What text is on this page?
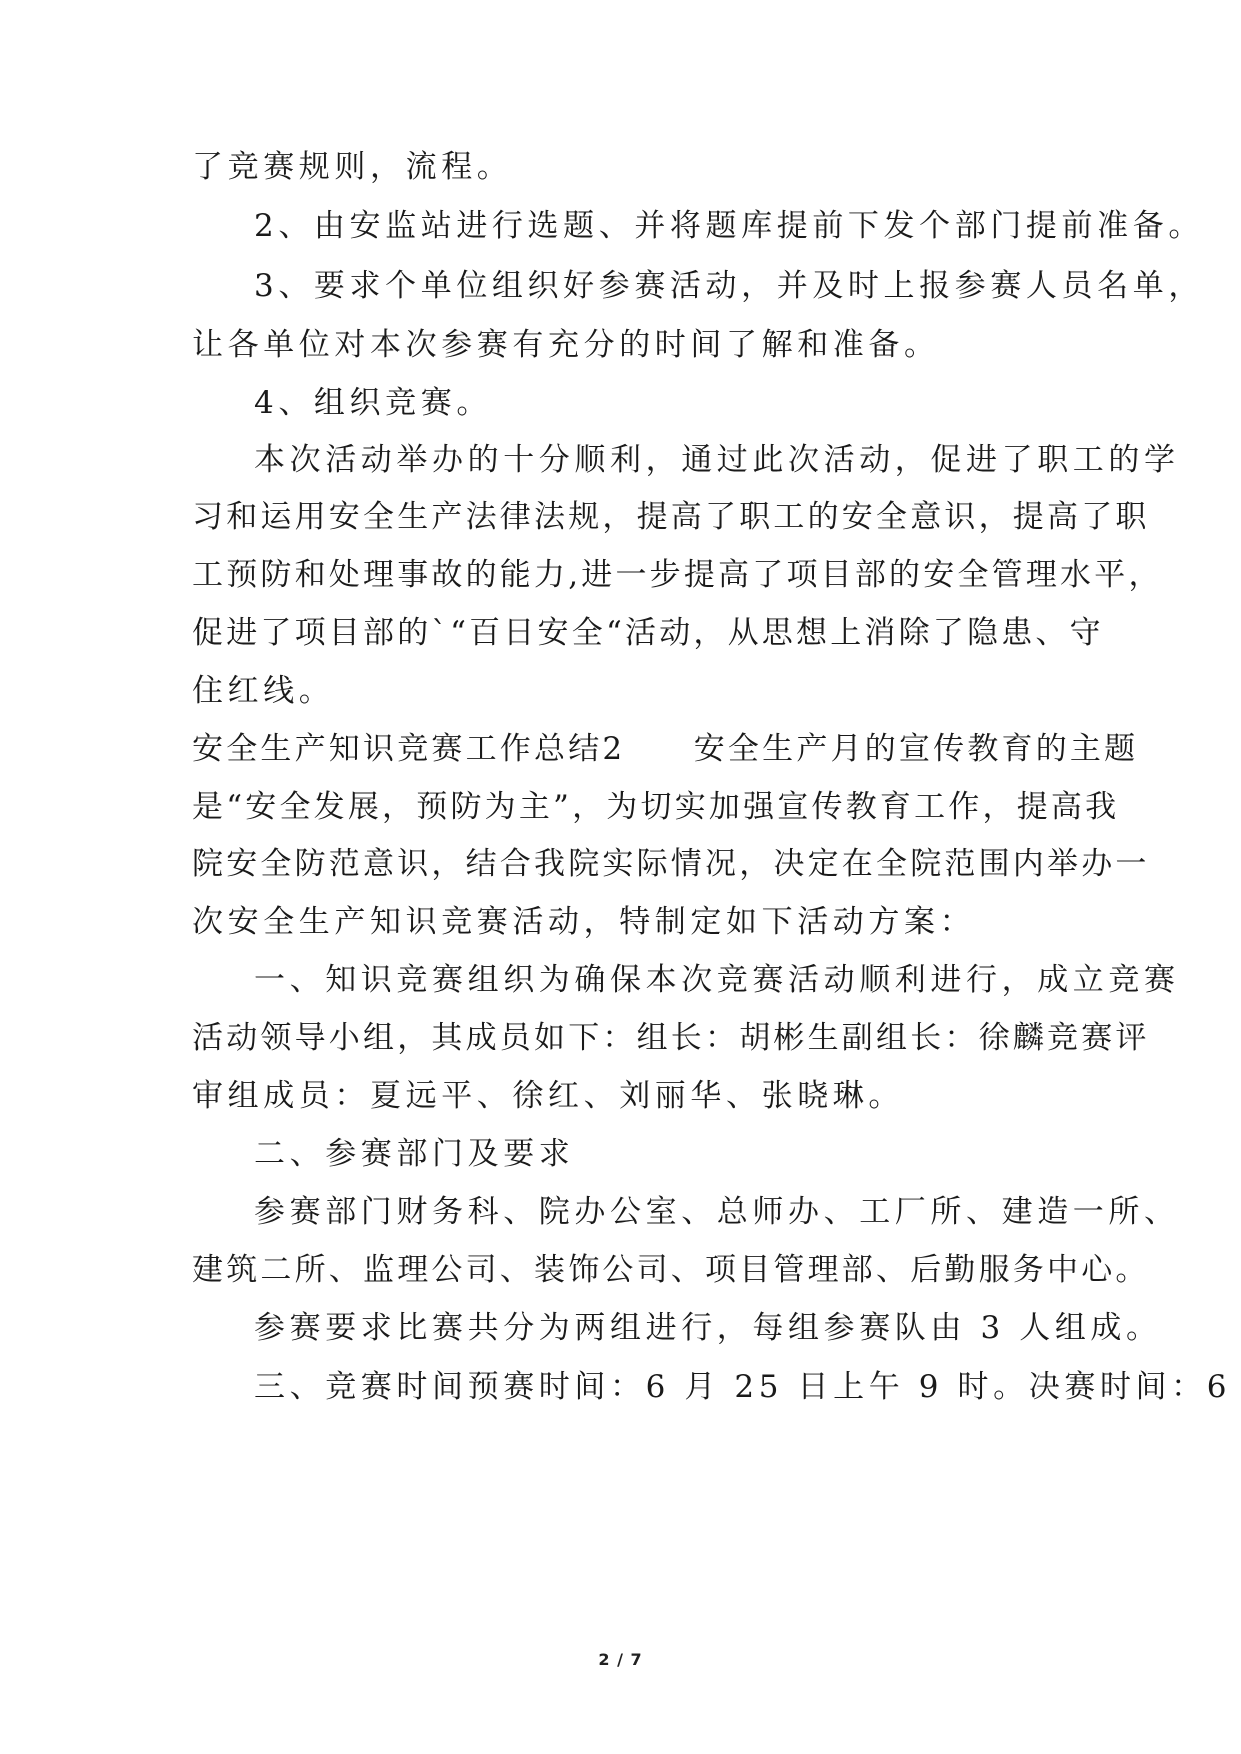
了竞赛规则，流程。
2、由安监站进行选题、并将题库提前下发个部门提前准备。
3、要求个单位组织好参赛活动，并及时上报参赛人员名单，
让各单位对本次参赛有充分的时间了解和准备。
4、组织竞赛。
本次活动举办的十分顺利，通过此次活动，促进了职工的学
习和运用安全生产法律法规，提高了职工的安全意识，提高了职
工预防和处理事故的能力,进一步提高了项目部的安全管理水平，
促进了项目部的`“百日安全“活动，从思想上消除了隐患、守
住红线。
安全生产知识竞赛工作总结2　　安全生产月的宣传教育的主题
是“安全发展，预防为主”，为切实加强宣传教育工作，提高我
院安全防范意识，结合我院实际情况，决定在全院范围内举办一
次安全生产知识竞赛活动，特制定如下活动方案：
一、知识竞赛组织为确保本次竞赛活动顺利进行，成立竞赛
活动领导小组，其成员如下：组长：胡彬生副组长：徐麟竞赛评
审组成员：夏远平、徐红、刘丽华、张晓琳。
二、参赛部门及要求
参赛部门财务科、院办公室、总师办、工厂所、建造一所、
建筑二所、监理公司、装饰公司、项目管理部、后勤服务中心。
参赛要求比赛共分为两组进行，每组参赛队由 3 人组成。
三、竞赛时间预赛时间：6 月 25 日上午 9 时。决赛时间：6
2 / 7
